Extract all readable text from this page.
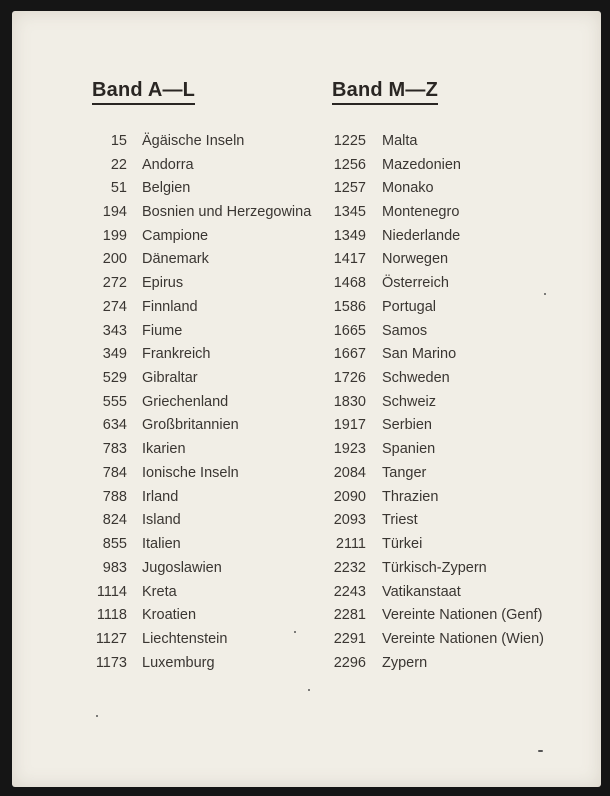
Band A—L
15 Ägäische Inseln
22 Andorra
51 Belgien
194 Bosnien und Herzegowina
199 Campione
200 Dänemark
272 Epirus
274 Finnland
343 Fiume
349 Frankreich
529 Gibraltar
555 Griechenland
634 Großbritannien
783 Ikarien
784 Ionische Inseln
788 Irland
824 Island
855 Italien
983 Jugoslawien
1114 Kreta
1118 Kroatien
1127 Liechtenstein
1173 Luxemburg
Band M—Z
1225 Malta
1256 Mazedonien
1257 Monako
1345 Montenegro
1349 Niederlande
1417 Norwegen
1468 Österreich
1586 Portugal
1665 Samos
1667 San Marino
1726 Schweden
1830 Schweiz
1917 Serbien
1923 Spanien
2084 Tanger
2090 Thrazien
2093 Triest
2111 Türkei
2232 Türkisch-Zypern
2243 Vatikanstaat
2281 Vereinte Nationen (Genf)
2291 Vereinte Nationen (Wien)
2296 Zypern
